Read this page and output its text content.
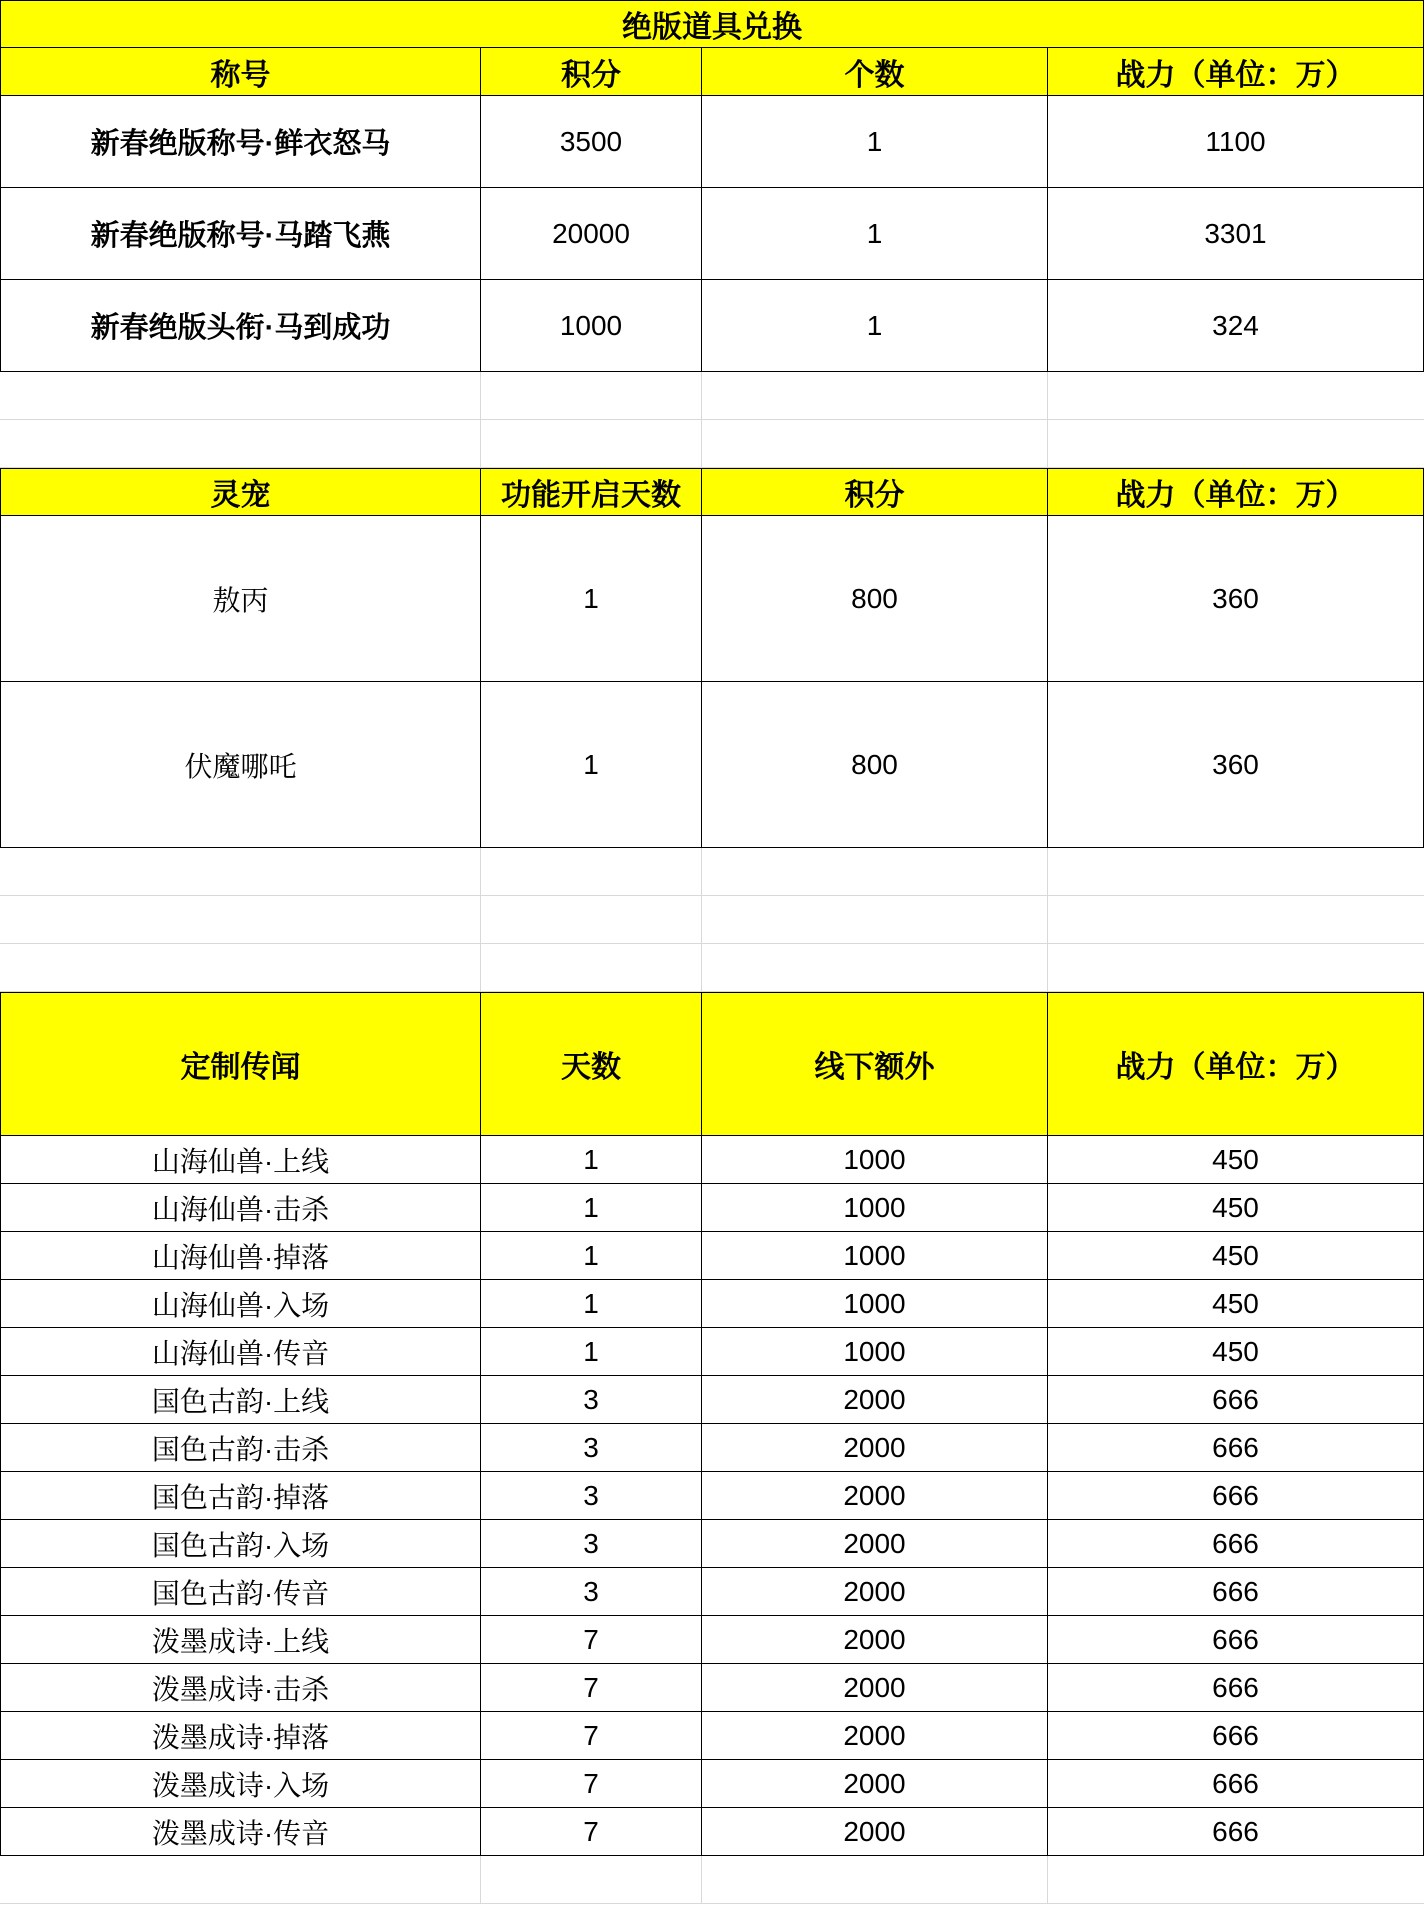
绝版道具兑换
称号	积分	个数	战力（单位：万）
新春绝版称号·鲜衣怒马	3500	1	1100
新春绝版称号·马踏飞燕	20000	1	3301
新春绝版头衔·马到成功	1000	1	324
灵宠	功能开启天数	积分	战力（单位：万）
敖丙	1	800	360
伏魔哪吒	1	800	360
定制传闻	天数	线下额外	战力（单位：万）
山海仙兽·上线	1	1000	450
山海仙兽·击杀	1	1000	450
山海仙兽·掉落	1	1000	450
山海仙兽·入场	1	1000	450
山海仙兽·传音	1	1000	450
国色古韵·上线	3	2000	666
国色古韵·击杀	3	2000	666
国色古韵·掉落	3	2000	666
国色古韵·入场	3	2000	666
国色古韵·传音	3	2000	666
泼墨成诗·上线	7	2000	666
泼墨成诗·击杀	7	2000	666
泼墨成诗·掉落	7	2000	666
泼墨成诗·入场	7	2000	666
泼墨成诗·传音	7	2000	666
